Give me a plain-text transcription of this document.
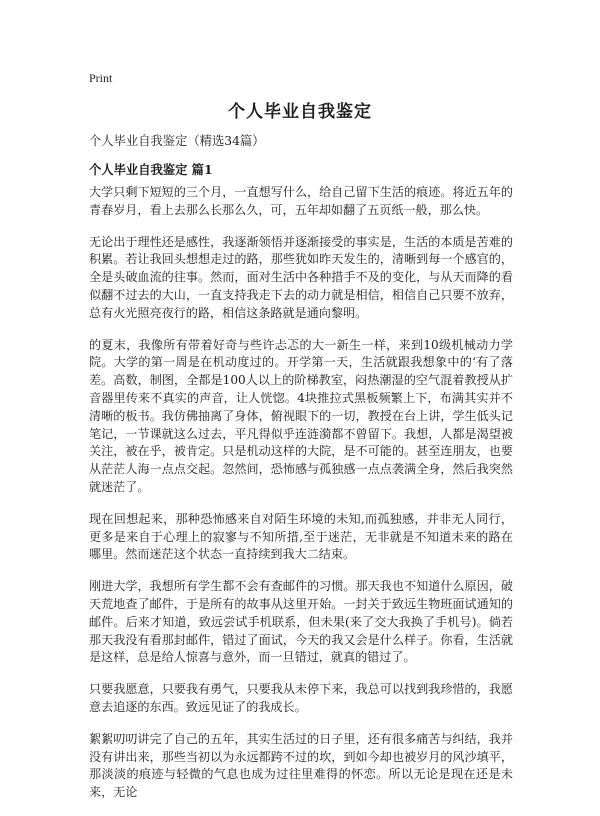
Print
个人毕业自我鉴定
个人毕业自我鉴定（精选34篇）
个人毕业自我鉴定 篇1

大学只剩下短短的三个月，一直想写什么，给自己留下生活的痕迹。将近五年的青春岁月，看上去那么长那么久，可，五年却如翻了五页纸一般，那么快。

无论出于理性还是感性，我逐渐领悟并逐渐接受的事实是，生活的本质是苦难的积累。若让我回头想想走过的路，那些犹如昨天发生的，清晰到每一个感官的，全是头破血流的往事。然而，面对生活中各种措手不及的变化，与从天而降的看似翻不过去的大山，一直支持我走下去的动力就是相信，相信自己只要不放弃，总有火光照亮夜行的路，相信这条路就是通向黎明。

的夏末，我像所有带着好奇与些许忐忑的大一新生一样，来到10级机械动力学院。大学的第一周是在机动度过的。开学第一天，生活就跟我想象中的‘有了落差。高数，制图，全都是100人以上的阶梯教室，闷热潮湿的空气混着教授从扩音器里传来不真实的声音，让人恍惚。4块推拉式黑板频繁上下，布满其实并不清晰的板书。我仿佛抽离了身体，俯视眼下的一切，教授在台上讲，学生低头记笔记，一节课就这么过去，平凡得似乎连涟漪都不曾留下。我想，人都是渴望被关注，被在乎，被肯定。只是机动这样的大院，是不可能的。甚至连朋友，也要从茫茫人海一点点交起。忽然间，恐怖感与孤独感一点点袭满全身，然后我突然就迷茫了。

现在回想起来，那种恐怖感来自对陌生环境的未知,而孤独感，并非无人同行，更多是来自于心理上的寂寥与不知所措,至于迷茫，无非就是不知道未来的路在哪里。然而迷茫这个状态一直持续到我大二结束。

刚进大学，我想所有学生都不会有查邮件的习惯。那天我也不知道什么原因，破天荒地查了邮件，于是所有的故事从这里开始。一封关于致远生物班面试通知的邮件。后来才知道，致远尝试手机联系，但未果(来了交大我换了手机号)。倘若那天我没有看那封邮件，错过了面试，今天的我又会是什么样子。你看，生活就是这样，总是给人惊喜与意外，而一旦错过，就真的错过了。

只要我愿意，只要我有勇气，只要我从未停下来，我总可以找到我珍惜的，我愿意去追逐的东西。致远见证了的我成长。

絮絮叨叨讲完了自己的五年，其实生活过的日子里，还有很多痛苦与纠结，我并没有讲出来，那些当初以为永远都跨不过的坎，到如今却也被岁月的风沙填平，那淡淡的痕迹与轻微的气息也成为过往里难得的怀恋。所以无论是现在还是未来，无论
